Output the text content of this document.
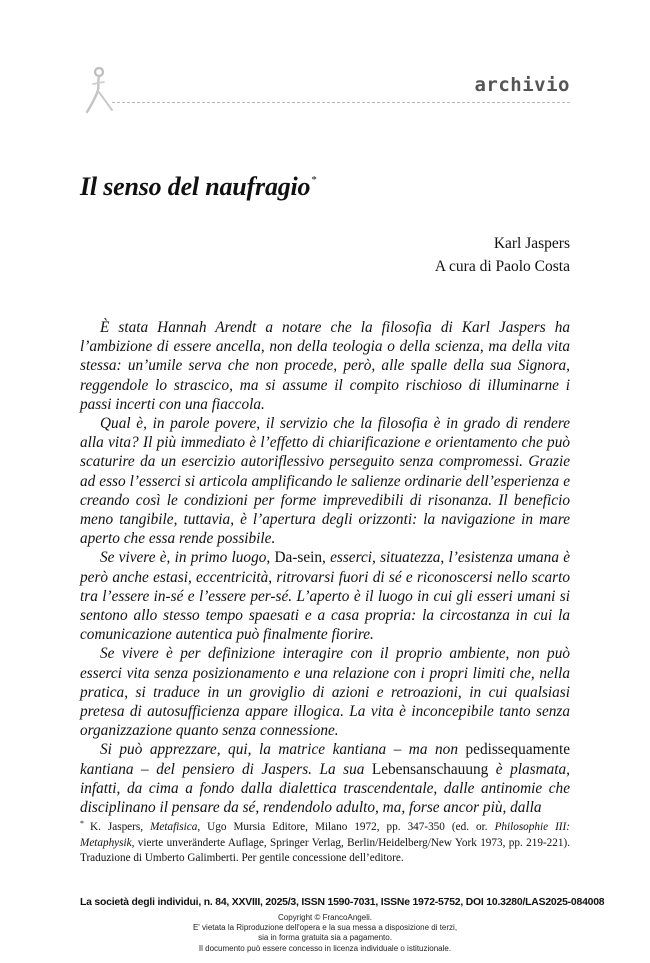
archivio
Il senso del naufragio*
Karl Jaspers
A cura di Paolo Costa

È stata Hannah Arendt a notare che la filosofia di Karl Jaspers ha l’ambizione di essere ancella, non della teologia o della scienza, ma della vita stessa: un’umile serva che non procede, però, alle spalle della sua Signora, reggendole lo strascico, ma si assume il compito rischioso di illuminarne i passi incerti con una fiaccola.

Qual è, in parole povere, il servizio che la filosofia è in grado di rendere alla vita? Il più immediato è l’effetto di chiarificazione e orientamento che può scaturire da un esercizio autoriflessivo perseguito senza compromessi. Grazie ad esso l’esserci si articola amplificando le salienze ordinarie dell’esperienza e creando così le condizioni per forme imprevedibili di risonanza. Il beneficio meno tangibile, tuttavia, è l’apertura degli orizzonti: la navigazione in mare aperto che essa rende possibile.

Se vivere è, in primo luogo, Da-sein, esserci, situatezza, l’esistenza umana è però anche estasi, eccentricità, ritrovarsi fuori di sé e riconoscersi nello scarto tra l’essere in-sé e l’essere per-sé. L’aperto è il luogo in cui gli esseri umani si sentono allo stesso tempo spaesati e a casa propria: la circostanza in cui la comunicazione autentica può finalmente fiorire.

Se vivere è per definizione interagire con il proprio ambiente, non può esserci vita senza posizionamento e una relazione con i propri limiti che, nella pratica, si traduce in un groviglio di azioni e retroazioni, in cui qualsiasi pretesa di autosufficienza appare illogica. La vita è inconcepibile tanto senza organizzazione quanto senza connessione.

Si può apprezzare, qui, la matrice kantiana – ma non pedissequamente kantiana – del pensiero di Jaspers. La sua Lebensanschauung è plasmata, infatti, da cima a fondo dalla dialettica trascendentale, dalle antinomie che disciplinano il pensare da sé, rendendolo adulto, ma, forse ancor più, dalla

* K. Jaspers, Metafisica, Ugo Mursia Editore, Milano 1972, pp. 347-350 (ed. or. Philosophie III: Metaphysik, vierte unveränderte Auflage, Springer Verlag, Berlin/Heidelberg/New York 1973, pp. 219-221). Traduzione di Umberto Galimberti. Per gentile concessione dell’editore.
La società degli individui, n. 84, XXVIII, 2025/3, ISSN 1590-7031, ISSNe 1972-5752, DOI 10.3280/LAS2025-084008
Copyright © FrancoAngeli.
E' vietata la Riproduzione dell'opera e la sua messa a disposizione di terzi,
sia in forma gratuita sia a pagamento.
Il documento può essere concesso in licenza individuale o istituzionale.
